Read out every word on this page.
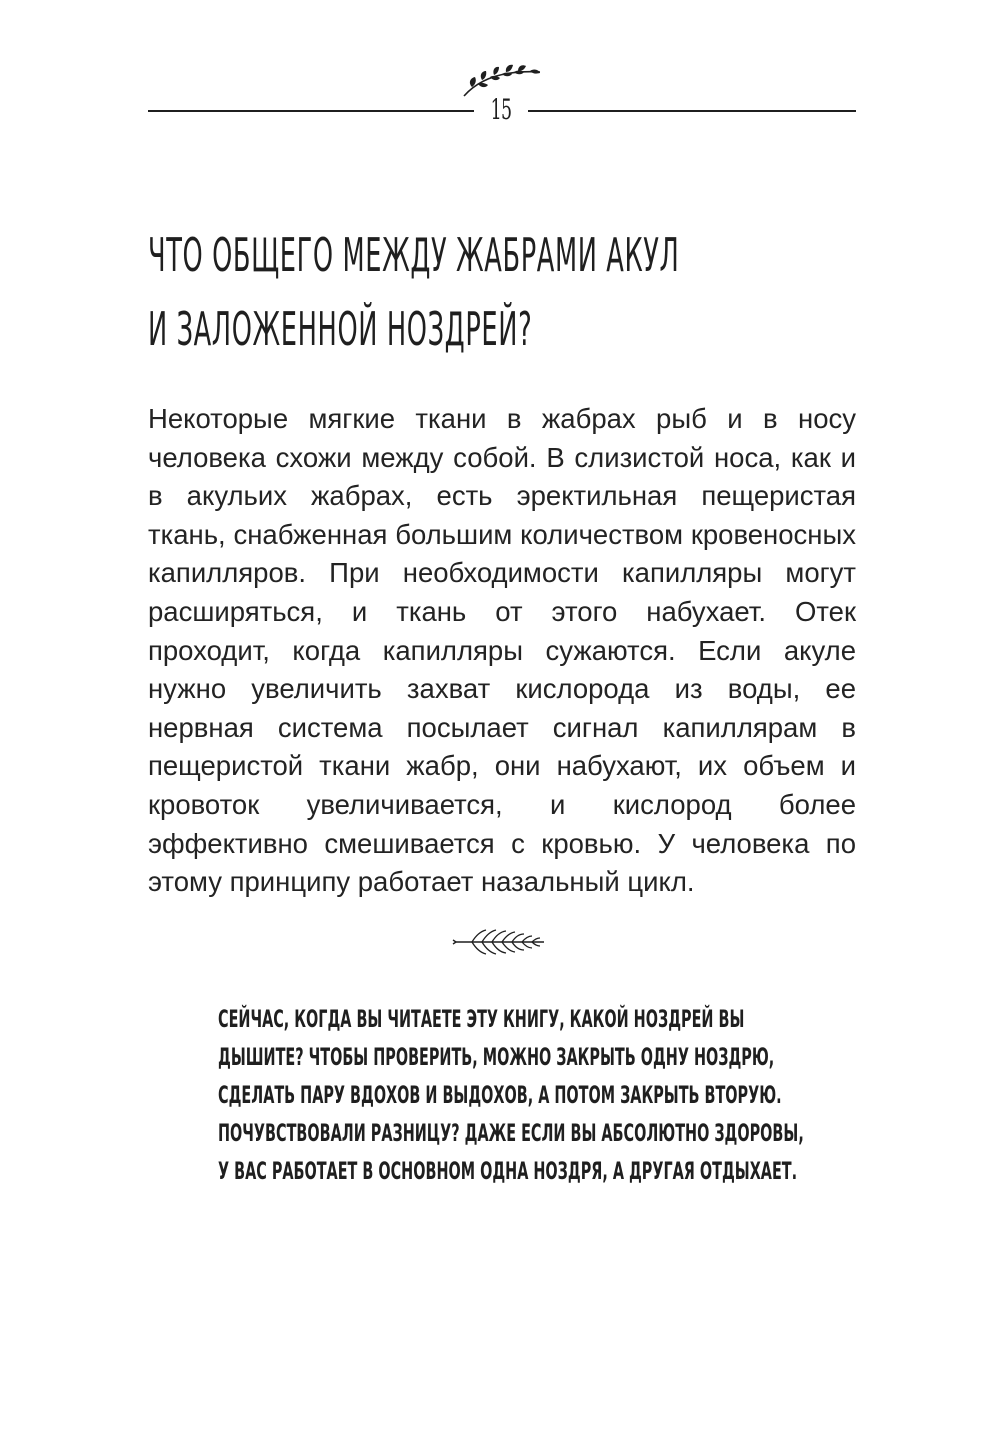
15
ЧТО ОБЩЕГО МЕЖДУ ЖАБРАМИ АКУЛ
И ЗАЛОЖЕННОЙ НОЗДРЕЙ?

Некоторые мягкие ткани в жабрах рыб и в носу человека схожи между собой. В слизистой носа, как и в акульих жабрах, есть эректильная пещеристая ткань, снабженная большим количеством кровеносных капилляров. При необходимости капилляры могут расширяться, и ткань от этого набухает. Отек проходит, когда капилляры сужаются. Если акуле нужно увеличить захват кислорода из воды, ее нервная система посылает сигнал капиллярам в пещеристой ткани жабр, они набухают, их объем и кровоток увеличивается, и кислород более эффективно смешивается с кровью. У человека по этому принципу работает назальный цикл.

СЕЙЧАС, КОГДА ВЫ ЧИТАЕТЕ ЭТУ КНИГУ, КАКОЙ НОЗДРЕЙ ВЫ ДЫШИТЕ? ЧТОБЫ ПРОВЕРИТЬ, МОЖНО ЗАКРЫТЬ ОДНУ НОЗДРЮ, СДЕЛАТЬ ПАРУ ВДОХОВ И ВЫДОХОВ, А ПОТОМ ЗАКРЫТЬ ВТОРУЮ. ПОЧУВСТВОВАЛИ РАЗНИЦУ? ДАЖЕ ЕСЛИ ВЫ АБСОЛЮТНО ЗДОРОВЫ, У ВАС РАБОТАЕТ В ОСНОВНОМ ОДНА НОЗДРЯ, А ДРУГАЯ ОТДЫХАЕТ.
